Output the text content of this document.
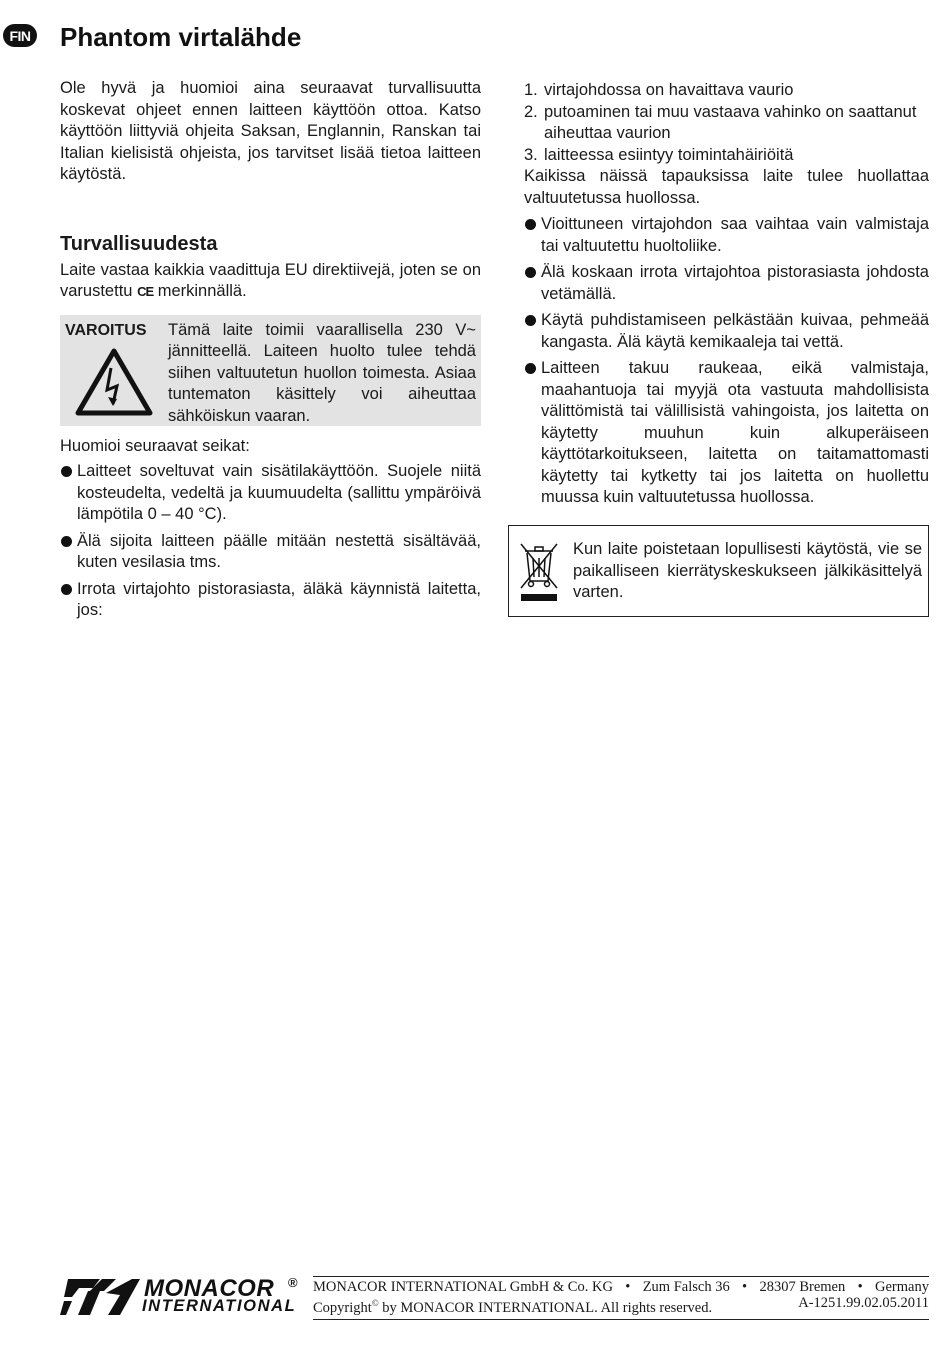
FIN Phantom virtalähde

Ole hyvä ja huomioi aina seuraavat turvallisuutta koskevat ohjeet ennen laitteen käyttöön ottoa. Katso käyttöön liittyviä ohjeita Saksan, Englannin, Ranskan tai Italian kielisistä ohjeista, jos tarvitset lisää tietoa laitteen käytöstä.

Turvallisuudesta

Laite vastaa kaikkia vaadittuja EU direktiivejä, joten se on varustettu CE merkinnällä.

VAROITUS Tämä laite toimii vaarallisella 230 V~ jännitteellä. Laiteen huolto tulee tehdä siihen valtuutetun huollon toimesta. Asiaa tuntematon käsittely voi aiheuttaa sähköiskun vaaran.

Huomioi seuraavat seikat:

Laitteet soveltuvat vain sisätilakäyttöön. Suojele niitä kosteudelta, vedeltä ja kuumuudelta (sallittu ympäröivä lämpötila 0 – 40 °C).
Älä sijoita laitteen päälle mitään nestettä sisältävää, kuten vesilasia tms.
Irrota virtajohto pistorasiasta, äläkä käynnistä laitetta, jos:
1. virtajohdossa on havaittava vaurio
2. putoaminen tai muu vastaava vahinko on saattanut aiheuttaa vaurion
3. laitteessa esiintyy toimintahäiriöitä

Kaikissa näissä tapauksissa laite tulee huollattaa valtuutetussa huollossa.

Vioittuneen virtajohdon saa vaihtaa vain valmistaja tai valtuutettu huoltoliike.
Älä koskaan irrota virtajohtoa pistorasiasta johdosta vetämällä.
Käytä puhdistamiseen pelkästään kuivaa, pehmeää kangasta. Älä käytä kemikaaleja tai vettä.
Laitteen takuu raukeaa, eikä valmistaja, maahantuoja tai myyjä ota vastuuta mahdollisista välittömistä tai välillisistä vahingoista, jos laitetta on käytetty muuhun kuin alkuperäiseen käyttötarkoitukseen, laitetta on taitamattomasti käytetty tai kytketty tai jos laitetta on huollettu muussa kuin valtuutetussa huollossa.

Kun laite poistetaan lopullisesti käytöstä, vie se paikalliseen kierrätyskeskukseen jälkikäsittelyä varten.

MONACOR
INTERNATIONAL
® MONACOR INTERNATIONAL GmbH & Co. KG • Zum Falsch 36 • 28307 Bremen • Germany
Copyright© by MONACOR INTERNATIONAL. All rights reserved.	A-1251.99.02.05.2011
